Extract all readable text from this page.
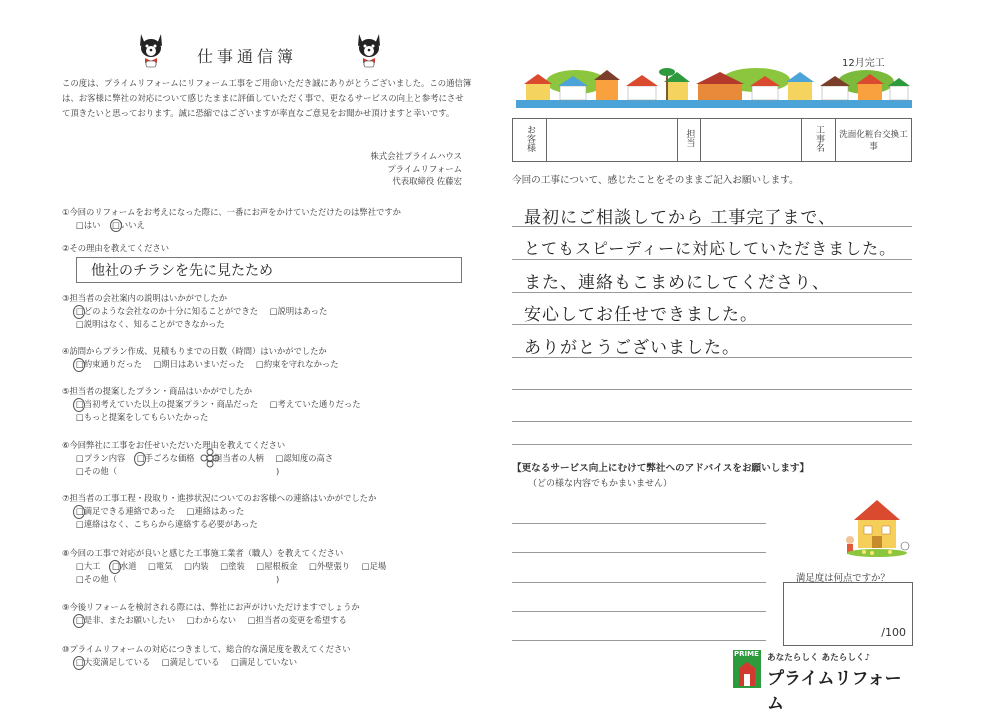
仕事通信簿
この度は、プライムリフォームにリフォーム工事をご用命いただき誠にありがとうございました。この通信簿は、お客様に弊社の対応について感じたままに評価していただく事で、更なるサービスの向上と参考にさせて頂きたいと思っております。誠に恐縮ではございますが率直なご意見をお聞かせ頂けますと幸いです。
株式会社プライムハウス
プライムリフォーム
代表取締役 佐藤宏
①今回のリフォームをお考えになった際に、一番にお声をかけていただけたのは弊社ですか
□はい □いいえ
②その理由を教えてください
他社のチラシを先に見たため
③担当者の会社案内の説明はいかがでしたか
□どのような会社なのか十分に知ることができた □説明はあった
□説明はなく、知ることができなかった
④訪問からプラン作成、見積もりまでの日数（時間）はいかがでしたか
□約束通りだった □期日はあいまいだった □約束を守れなかった
⑤担当者の提案したプラン・商品はいかがでしたか
□当初考えていた以上の提案プラン・商品だった □考えていた通りだった
□もっと提案をしてもらいたかった
⑥今回弊社に工事をお任せいただいた理由を教えてください
□プラン内容 □手ごろな価格 □担当者の人柄 □認知度の高さ
□その他（	)
⑦担当者の工事工程・段取り・進捗状況についてのお客様への連絡はいかがでしたか
□満足できる連絡であった □連絡はあった
□連絡はなく、こちらから連絡する必要があった
⑧今回の工事で対応が良いと感じた工事施工業者（職人）を教えてください
□大工 □水道 □電気 □内装 □塗装 □屋根板金 □外壁張り □足場
□その他（	)
⑨今後リフォームを検討される際には、弊社にお声がけいただけますでしょうか
□是非、またお願いしたい □わからない □担当者の変更を希望する
⑩プライムリフォームの対応につきまして、総合的な満足度を教えてください
□大変満足している □満足している □満足していない
12月完工
お客様		担当		工事名	洗面化粧台交換工事
今回の工事について、感じたことをそのままご記入お願いします。
最初にご相談してから 工事完了まで、
とてもスピーディーに対応していただきました。
また、連絡もこまめにしてくださり、
安心してお任せできました。
ありがとうございました。
【更なるサービス向上にむけて弊社へのアドバイスをお願いします】
（どの様な内容でもかまいません）
満足度は何点ですか？
/100
PRIME あなたらしく あたらしく♪
プライムリフォーム
